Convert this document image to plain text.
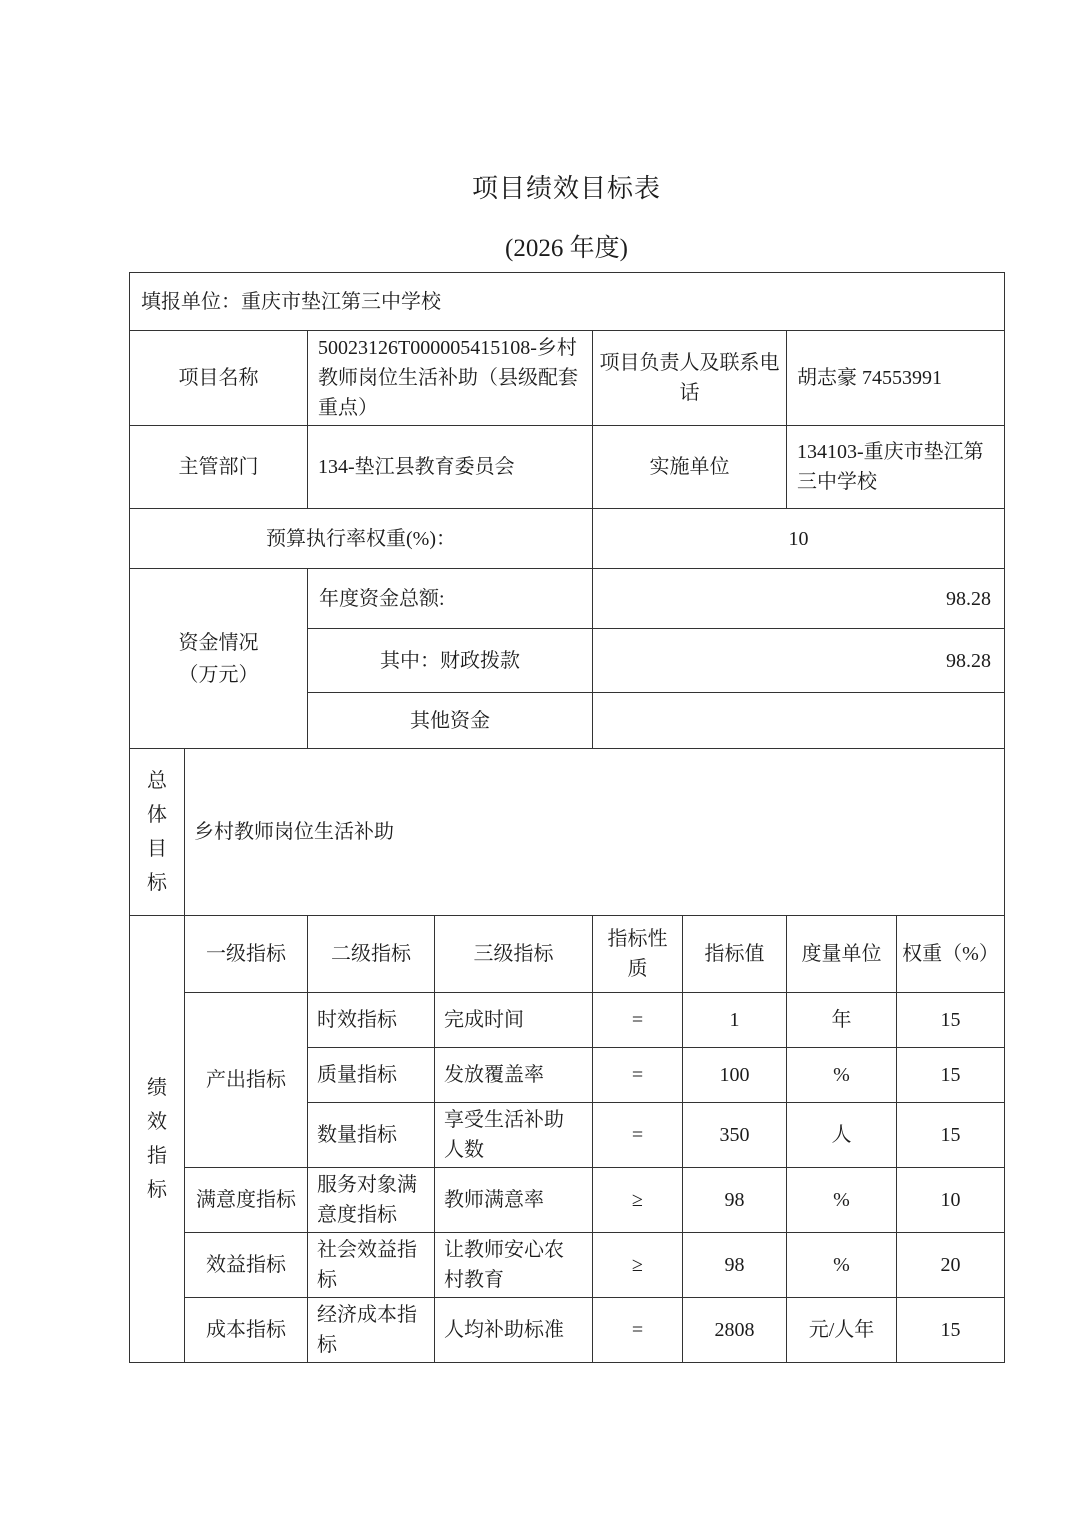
项目绩效目标表
(2026 年度)
填报单位：重庆市垫江第三中学校							
项目名称		50023126T000005415108-乡村教师岗位生活补助（县级配套重点）		项目负责人及联系电话		胡志豪 74553991	
主管部门		134-垫江县教育委员会		实施单位		134103-重庆市垫江第三中学校	
预算执行率权重(%)：				10			
资金情况（万元）		年度资金总额:		98.28			
		其中：财政拨款		98.28			
		其他资金					
总体目标	乡村教师岗位生活补助						
绩效指标	一级指标	二级指标	三级指标	指标性质	指标值	度量单位	权重（%）
	产出指标	时效指标	完成时间	=	1	年	15
		质量指标	发放覆盖率	=	100	%	15
		数量指标	享受生活补助人数	=	350	人	15
	满意度指标	服务对象满意度指标	教师满意率	≥	98	%	10
	效益指标	社会效益指标	让教师安心农村教育	≥	98	%	20
	成本指标	经济成本指标	人均补助标准	=	2808	元/人年	15
